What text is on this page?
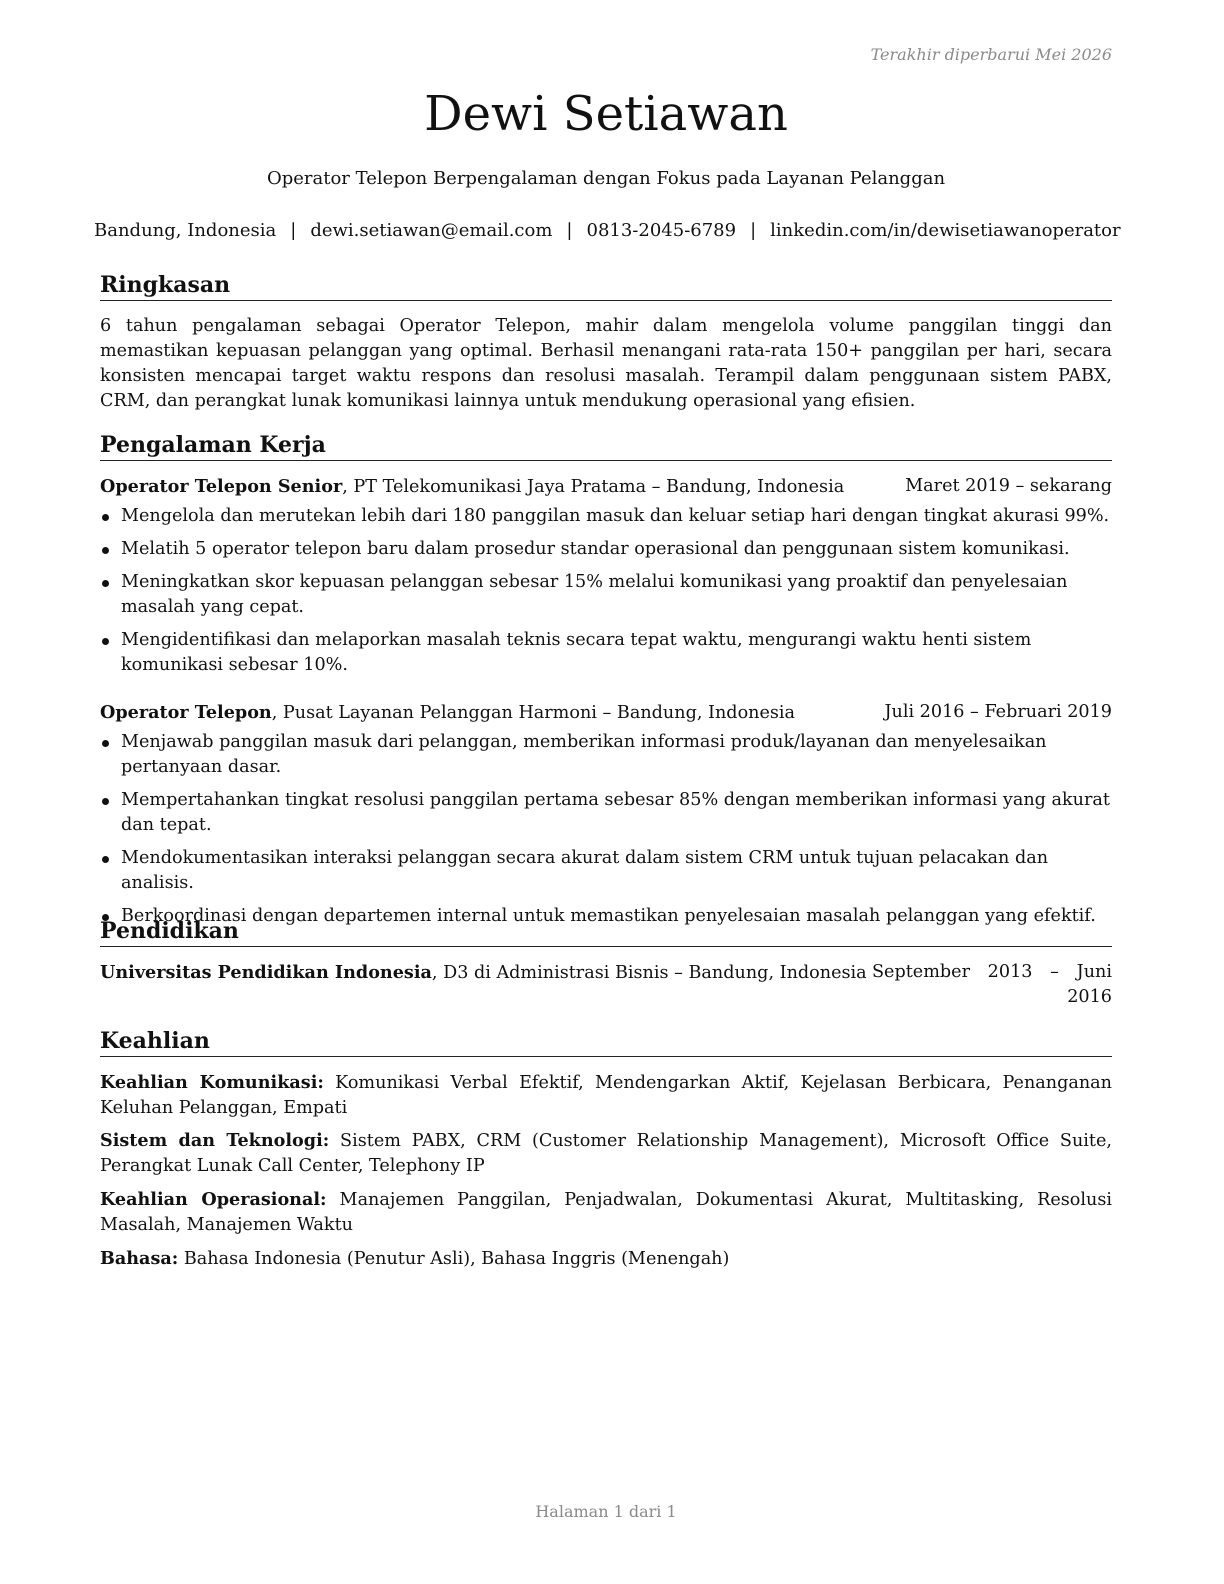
Terakhir diperbarui Mei 2026
Dewi Setiawan
Operator Telepon Berpengalaman dengan Fokus pada Layanan Pelanggan
Bandung, Indonesia | dewi.setiawan@email.com | 0813-2045-6789 | linkedin.com/in/dewisetiawanoperator
Ringkasan
6 tahun pengalaman sebagai Operator Telepon, mahir dalam mengelola volume panggilan tinggi dan memastikan kepuasan pelanggan yang optimal. Berhasil menangani rata-rata 150+ panggilan per hari, secara konsisten mencapai target waktu respons dan resolusi masalah. Terampil dalam penggunaan sistem PABX, CRM, dan perangkat lunak komunikasi lainnya untuk mendukung operasional yang efisien.
Pengalaman Kerja
Operator Telepon Senior, PT Telekomunikasi Jaya Pratama – Bandung, Indonesia	Maret 2019 – sekarang
Mengelola dan merutekan lebih dari 180 panggilan masuk dan keluar setiap hari dengan tingkat akurasi 99%.
Melatih 5 operator telepon baru dalam prosedur standar operasional dan penggunaan sistem komunikasi.
Meningkatkan skor kepuasan pelanggan sebesar 15% melalui komunikasi yang proaktif dan penyelesaian masalah yang cepat.
Mengidentifikasi dan melaporkan masalah teknis secara tepat waktu, mengurangi waktu henti sistem komunikasi sebesar 10%.
Operator Telepon, Pusat Layanan Pelanggan Harmoni – Bandung, Indonesia	Juli 2016 – Februari 2019
Menjawab panggilan masuk dari pelanggan, memberikan informasi produk/layanan dan menyelesaikan pertanyaan dasar.
Mempertahankan tingkat resolusi panggilan pertama sebesar 85% dengan memberikan informasi yang akurat dan tepat.
Mendokumentasikan interaksi pelanggan secara akurat dalam sistem CRM untuk tujuan pelacakan dan analisis.
Berkoordinasi dengan departemen internal untuk memastikan penyelesaian masalah pelanggan yang efektif.
Pendidikan
Universitas Pendidikan Indonesia, D3 di Administrasi Bisnis – Bandung, Indonesia September 2013 – Juni
2016
Keahlian
Keahlian Komunikasi: Komunikasi Verbal Efektif, Mendengarkan Aktif, Kejelasan Berbicara, Penanganan Keluhan Pelanggan, Empati
Sistem dan Teknologi: Sistem PABX, CRM (Customer Relationship Management), Microsoft Office Suite, Perangkat Lunak Call Center, Telephony IP
Keahlian Operasional: Manajemen Panggilan, Penjadwalan, Dokumentasi Akurat, Multitasking, Resolusi Masalah, Manajemen Waktu
Bahasa: Bahasa Indonesia (Penutur Asli), Bahasa Inggris (Menengah)
Halaman 1 dari 1
